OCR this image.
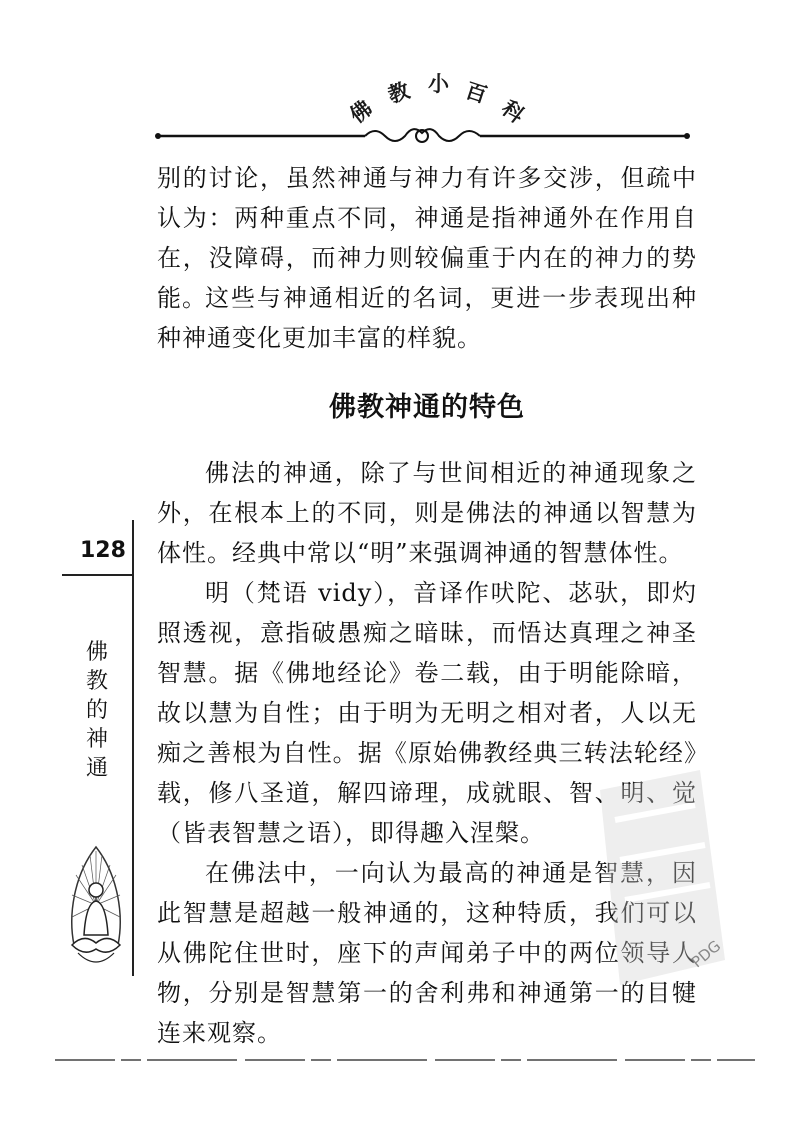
佛
教 小 百
科

别的讨论，虽然神通与神力有许多交涉，但疏中认为：两种重点不同，神通是指神通外在作用自在，没障碍，而神力则较偏重于内在的神力的势能。

这些与神通相近的名词，更进一步表现出种种神通变化更加丰富的样貌。

佛教神通的特色

佛法的神通，除了与世间相近的神通现象之外，在根本上的不同，则是佛法的神通以智慧为体性。经典中常以“明”来强调神通的智慧体性。

明（梵语 vidy），音译作吠陀、苾驮，即灼照透视，意指破愚痴之暗昧，而悟达真理之神圣智慧。据《佛地经论》卷二载，由于明能除暗，故以慧为自性；由于明为无明之相对者，人以无痴之善根为自性。据《原始佛教经典三转法轮经》载，修八圣道，解四谛理，成就眼、智、明、觉（皆表智慧之语），即得趣入涅槃。

在佛法中，一向认为最高的神通是智慧，因此智慧是超越一般神通的，这种特质，我们可以从佛陀住世时，座下的声闻弟子中的两位领导人物，分别是智慧第一的舍利弗和神通第一的目犍连来观察。

128
佛
教
的
神
通
PDG
